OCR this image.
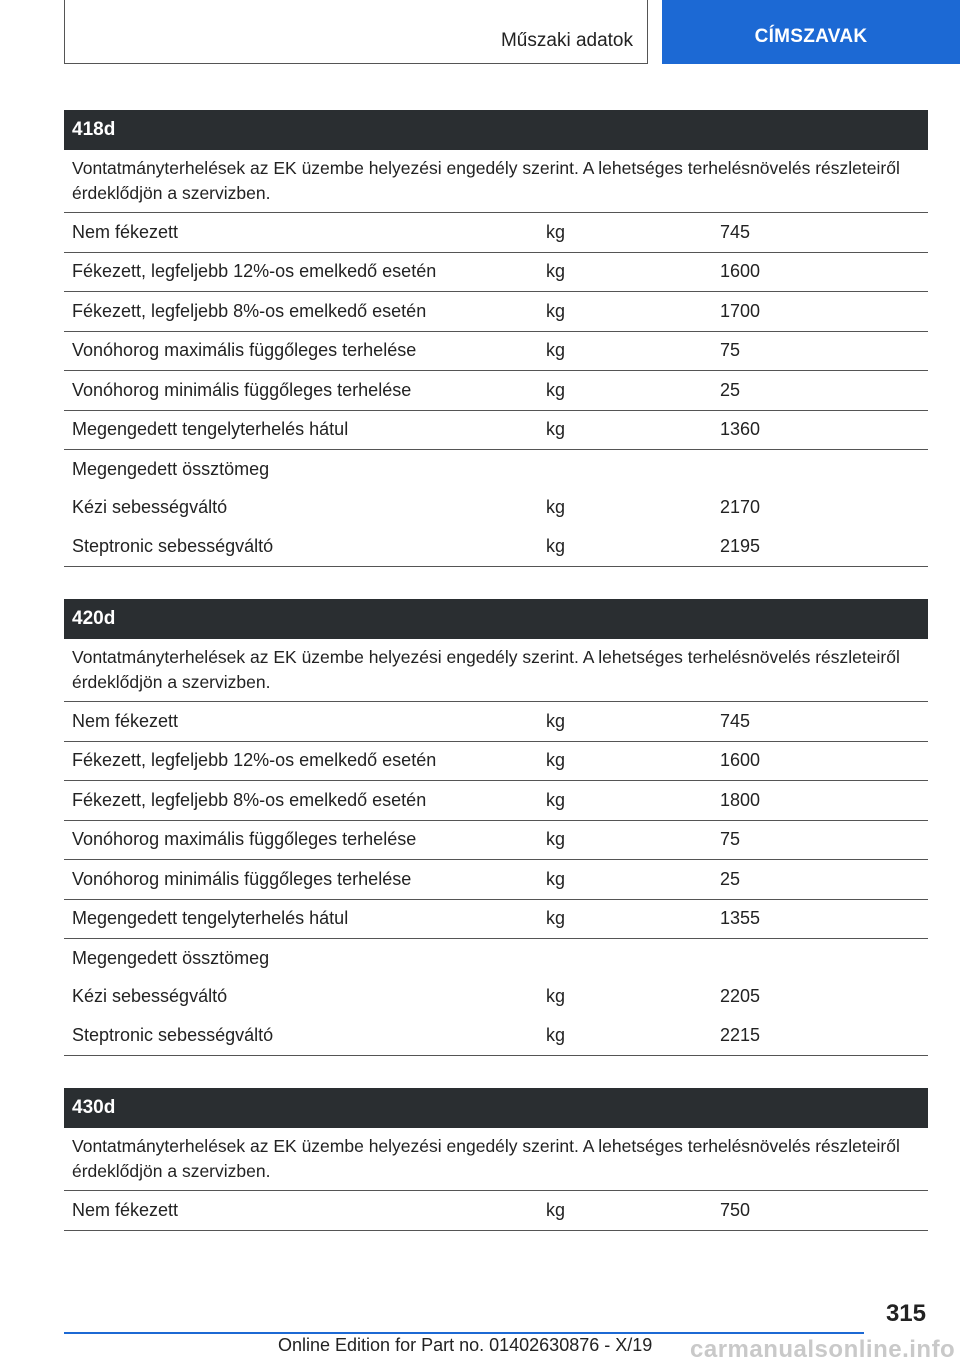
Műszaki adatok	CÍMSZAVAK
418d
Vontatmányterhelések az EK üzembe helyezési engedély szerint. A lehetséges terhelésnövelés részleteiről érdeklődjön a szervizben.
Nem fékezett	kg	745
Fékezett, legfeljebb 12%-os emelkedő esetén	kg	1600
Fékezett, legfeljebb 8%-os emelkedő esetén	kg	1700
Vonóhorog maximális függőleges terhelése	kg	75
Vonóhorog minimális függőleges terhelése	kg	25
Megengedett tengelyterhelés hátul	kg	1360
Megengedett össztömeg
Kézi sebességváltó	kg	2170
Steptronic sebességváltó	kg	2195
420d
Vontatmányterhelések az EK üzembe helyezési engedély szerint. A lehetséges terhelésnövelés részleteiről érdeklődjön a szervizben.
Nem fékezett	kg	745
Fékezett, legfeljebb 12%-os emelkedő esetén	kg	1600
Fékezett, legfeljebb 8%-os emelkedő esetén	kg	1800
Vonóhorog maximális függőleges terhelése	kg	75
Vonóhorog minimális függőleges terhelése	kg	25
Megengedett tengelyterhelés hátul	kg	1355
Megengedett össztömeg
Kézi sebességváltó	kg	2205
Steptronic sebességváltó	kg	2215
430d
Vontatmányterhelések az EK üzembe helyezési engedély szerint. A lehetséges terhelésnövelés részleteiről érdeklődjön a szervizben.
Nem fékezett	kg	750
315
Online Edition for Part no. 01402630876 - X/19 carmanualsonline.info
